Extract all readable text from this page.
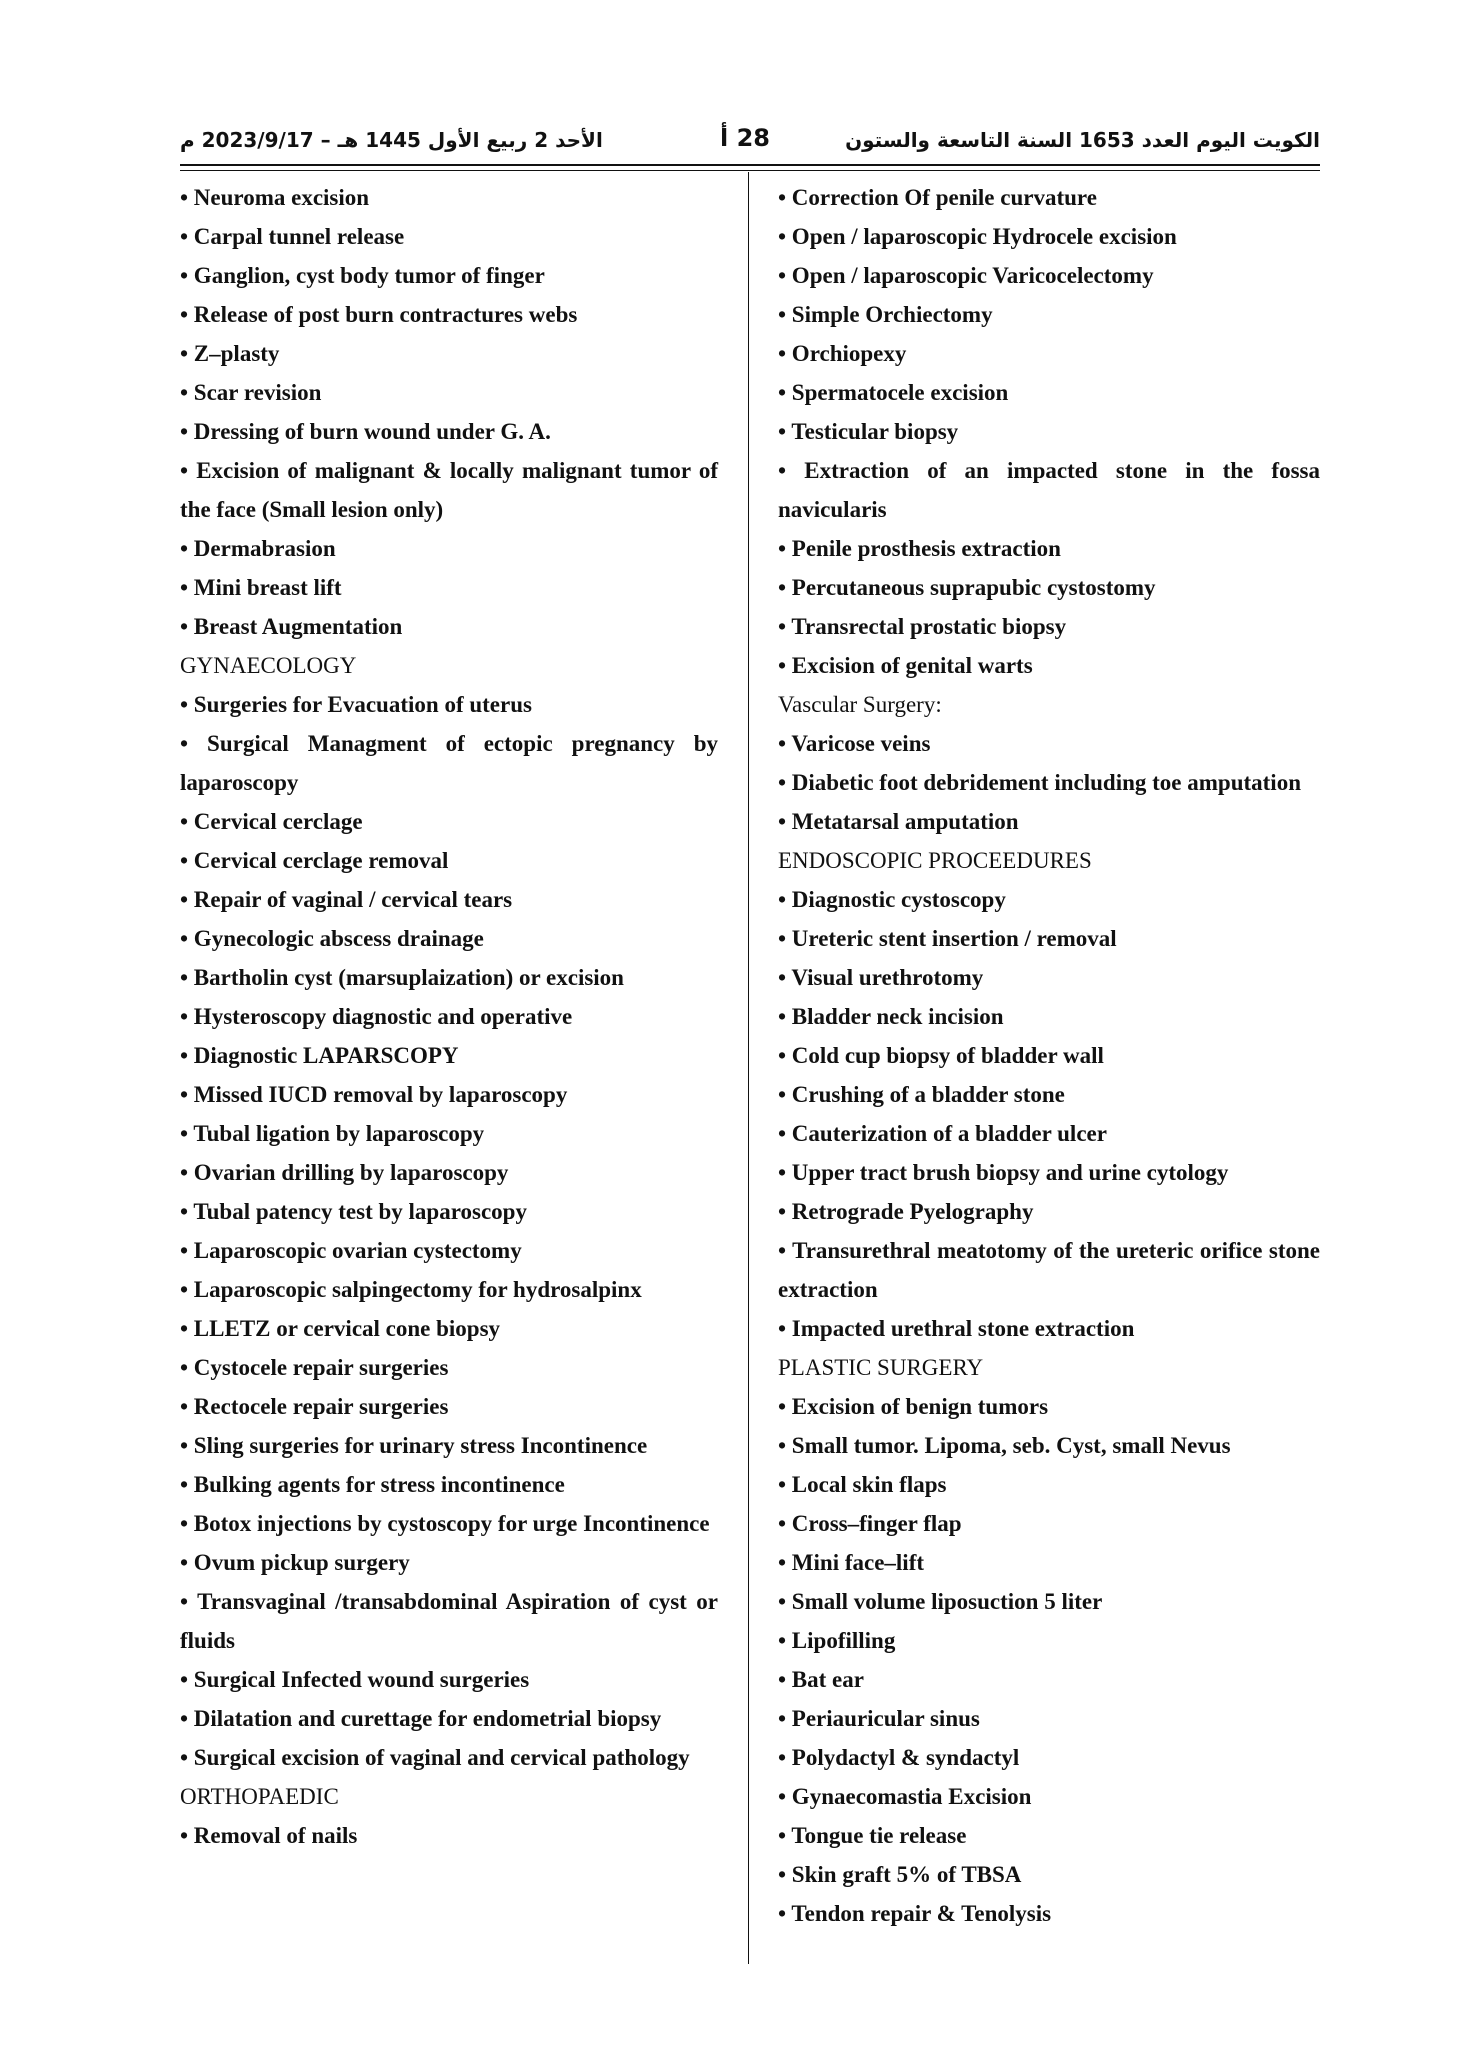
الكويت اليوم العدد 1653 السنة التاسعة والستون
28 أ
الأحد 2 ربيع الأول 1445 هـ – 2023/9/17 م
• Neuroma excision
• Carpal tunnel release
• Ganglion, cyst body tumor of finger
• Release of post burn contractures webs
• Z–plasty
• Scar revision
• Dressing of burn wound under G. A.
• Excision of malignant & locally malignant tumor of the face (Small lesion only)
• Dermabrasion
• Mini breast lift
• Breast Augmentation
GYNAECOLOGY
• Surgeries for Evacuation of uterus
• Surgical Managment of ectopic pregnancy by laparoscopy
• Cervical cerclage
• Cervical cerclage removal
• Repair of vaginal / cervical tears
• Gynecologic abscess drainage
• Bartholin cyst (marsuplaization) or excision
• Hysteroscopy diagnostic and operative
• Diagnostic LAPARSCOPY
• Missed IUCD removal by laparoscopy
• Tubal ligation by laparoscopy
• Ovarian drilling by laparoscopy
• Tubal patency test by laparoscopy
• Laparoscopic ovarian cystectomy
• Laparoscopic salpingectomy for hydrosalpinx
• LLETZ or cervical cone biopsy
• Cystocele repair surgeries
• Rectocele repair surgeries
• Sling surgeries for urinary stress Incontinence
• Bulking agents for stress incontinence
• Botox injections by cystoscopy for urge Incontinence
• Ovum pickup surgery
• Transvaginal /transabdominal Aspiration of cyst or fluids
• Surgical Infected wound surgeries
• Dilatation and curettage for endometrial biopsy
• Surgical excision of vaginal and cervical pathology
ORTHOPAEDIC
• Removal of nails
• Correction Of penile curvature
• Open / laparoscopic Hydrocele excision
• Open / laparoscopic Varicocelectomy
• Simple Orchiectomy
• Orchiopexy
• Spermatocele excision
• Testicular biopsy
• Extraction of an impacted stone in the fossa navicularis
• Penile prosthesis extraction
• Percutaneous suprapubic cystostomy
• Transrectal prostatic biopsy
• Excision of genital warts
Vascular Surgery:
• Varicose veins
• Diabetic foot debridement including toe amputation
• Metatarsal amputation
ENDOSCOPIC PROCEEDURES
• Diagnostic cystoscopy
• Ureteric stent insertion / removal
• Visual urethrotomy
• Bladder neck incision
• Cold cup biopsy of bladder wall
• Crushing of a bladder stone
• Cauterization of a bladder ulcer
• Upper tract brush biopsy and urine cytology
• Retrograde Pyelography
• Transurethral meatotomy of the ureteric orifice stone extraction
• Impacted urethral stone extraction
PLASTIC SURGERY
• Excision of benign tumors
• Small tumor. Lipoma, seb. Cyst, small Nevus
• Local skin flaps
• Cross–finger flap
• Mini face–lift
• Small volume liposuction 5 liter
• Lipofilling
• Bat ear
• Periauricular sinus
• Polydactyl & syndactyl
• Gynaecomastia Excision
• Tongue tie release
• Skin graft 5% of TBSA
• Tendon repair & Tenolysis
